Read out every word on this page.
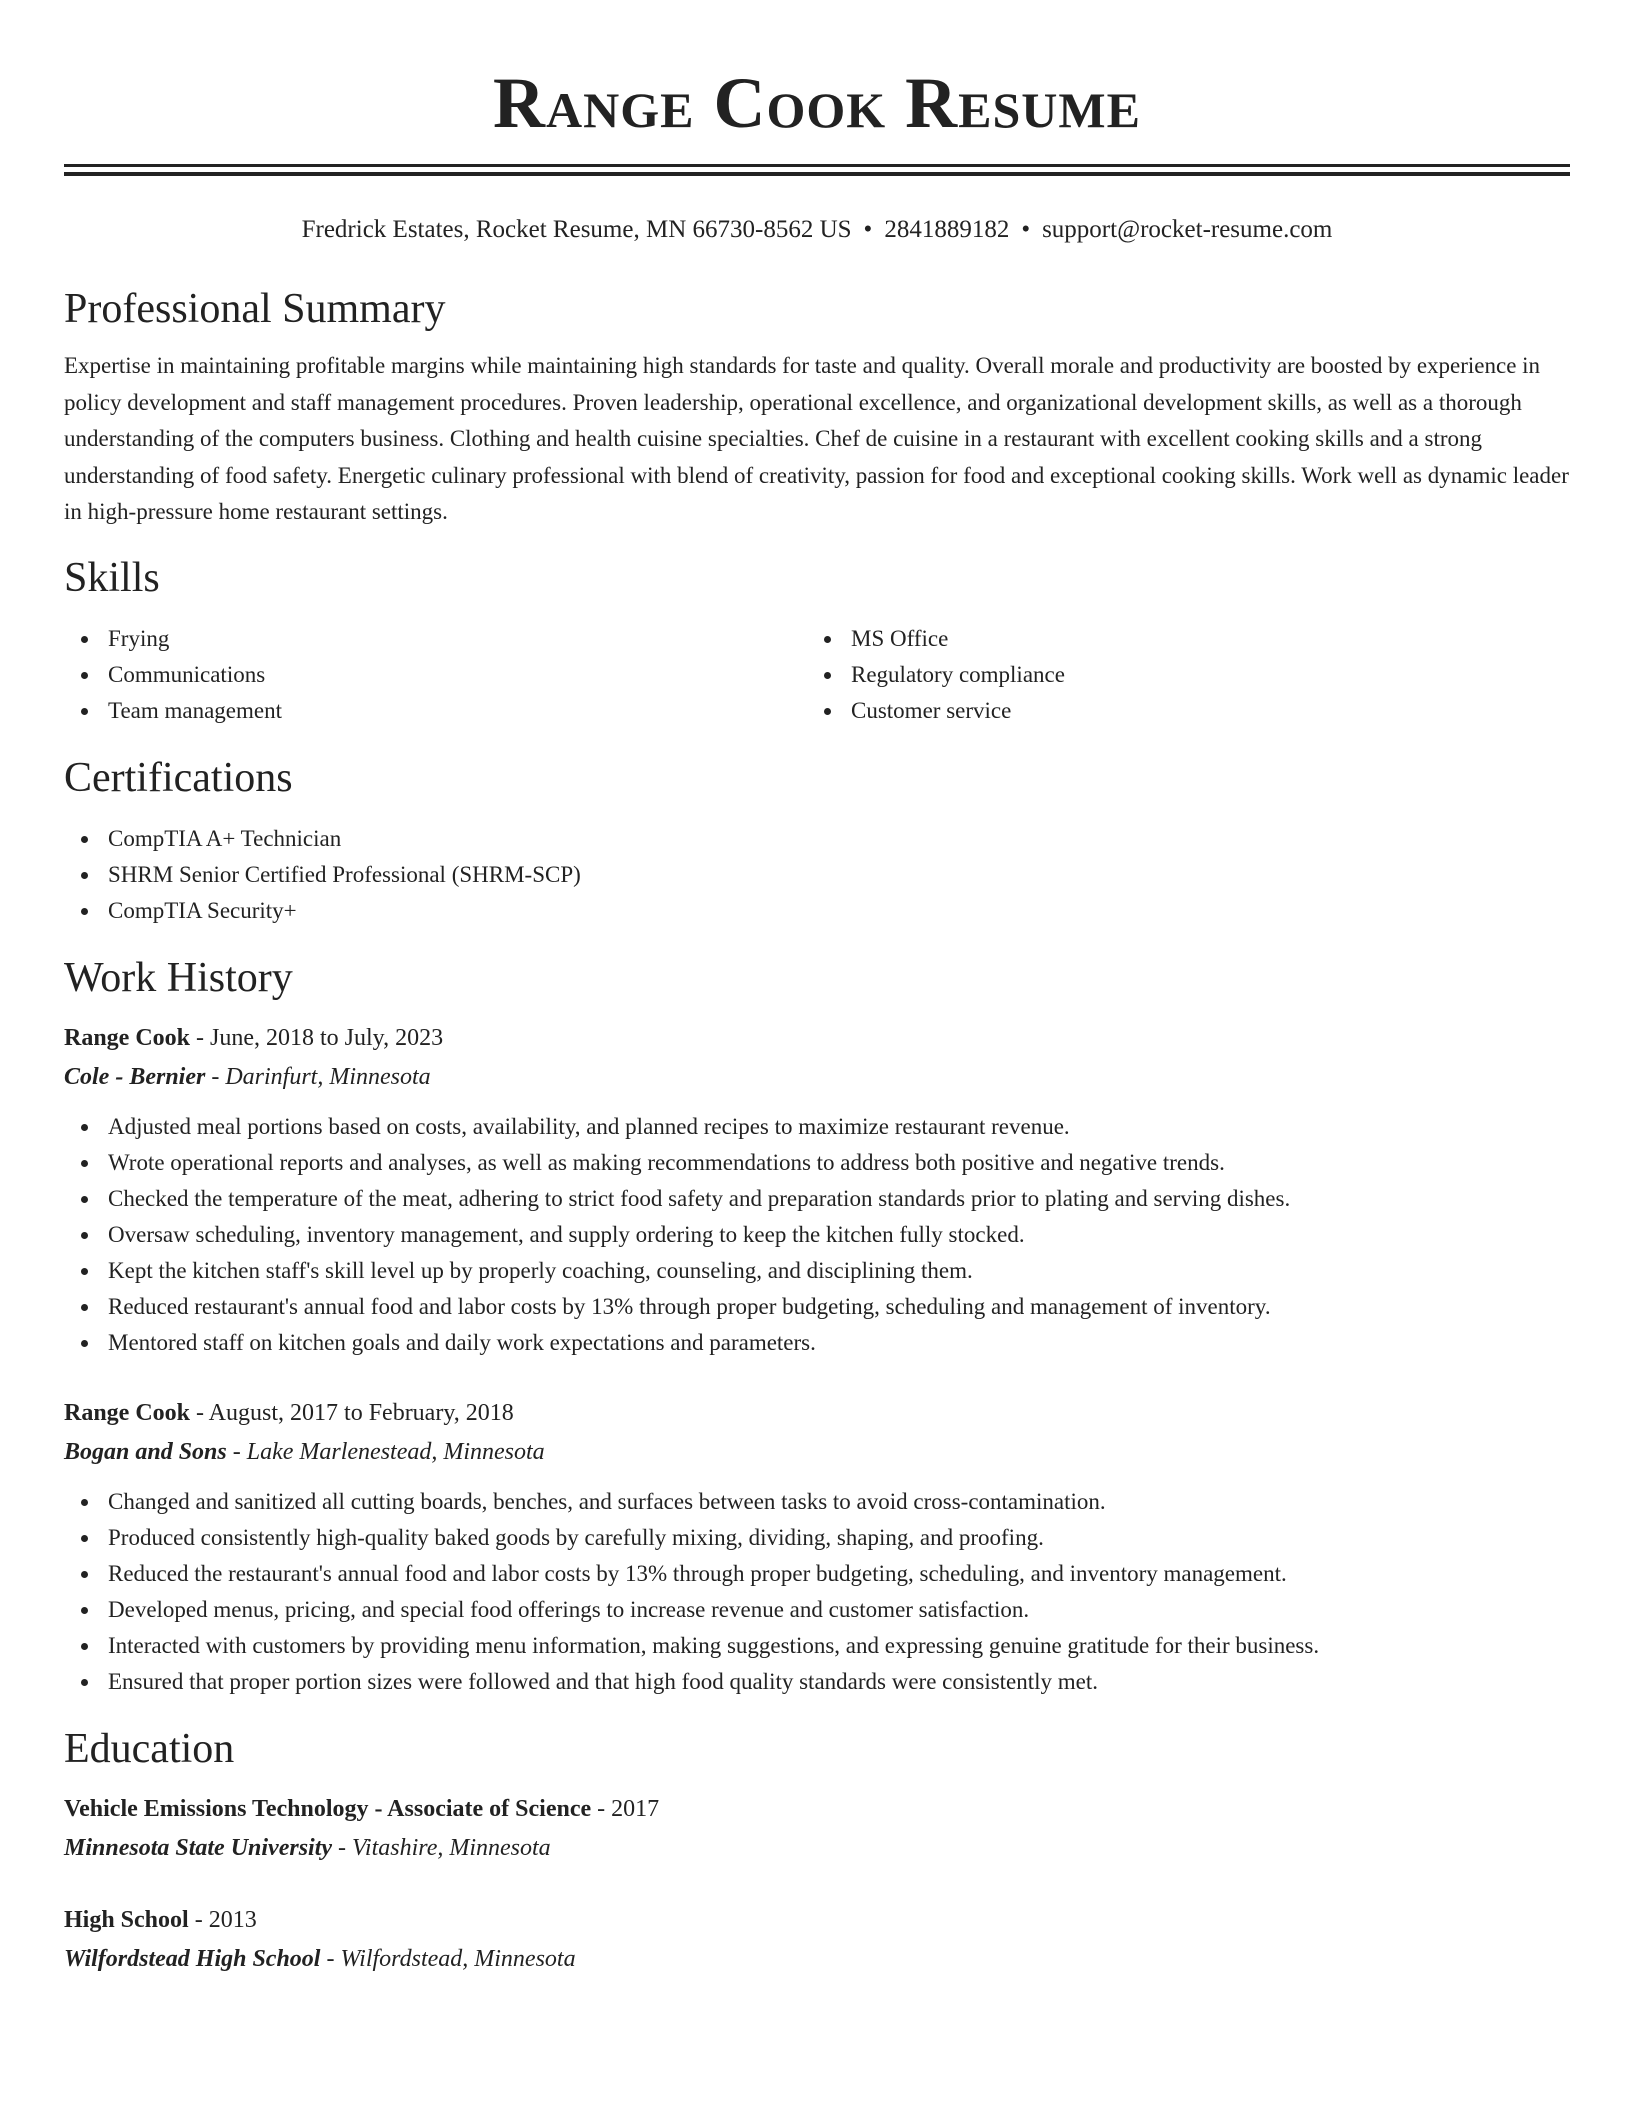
Range Cook Resume
Fredrick Estates, Rocket Resume, MN 66730-8562 US • 2841889182 • support@rocket-resume.com
Professional Summary
Expertise in maintaining profitable margins while maintaining high standards for taste and quality. Overall morale and productivity are boosted by experience in policy development and staff management procedures. Proven leadership, operational excellence, and organizational development skills, as well as a thorough understanding of the computers business. Clothing and health cuisine specialties. Chef de cuisine in a restaurant with excellent cooking skills and a strong understanding of food safety. Energetic culinary professional with blend of creativity, passion for food and exceptional cooking skills. Work well as dynamic leader in high-pressure home restaurant settings.
Skills
Frying
Communications
Team management
MS Office
Regulatory compliance
Customer service
Certifications
CompTIA A+ Technician
SHRM Senior Certified Professional (SHRM-SCP)
CompTIA Security+
Work History
Range Cook - June, 2018 to July, 2023
Cole - Bernier - Darinfurt, Minnesota
Adjusted meal portions based on costs, availability, and planned recipes to maximize restaurant revenue.
Wrote operational reports and analyses, as well as making recommendations to address both positive and negative trends.
Checked the temperature of the meat, adhering to strict food safety and preparation standards prior to plating and serving dishes.
Oversaw scheduling, inventory management, and supply ordering to keep the kitchen fully stocked.
Kept the kitchen staff's skill level up by properly coaching, counseling, and disciplining them.
Reduced restaurant's annual food and labor costs by 13% through proper budgeting, scheduling and management of inventory.
Mentored staff on kitchen goals and daily work expectations and parameters.
Range Cook - August, 2017 to February, 2018
Bogan and Sons - Lake Marlenestead, Minnesota
Changed and sanitized all cutting boards, benches, and surfaces between tasks to avoid cross-contamination.
Produced consistently high-quality baked goods by carefully mixing, dividing, shaping, and proofing.
Reduced the restaurant's annual food and labor costs by 13% through proper budgeting, scheduling, and inventory management.
Developed menus, pricing, and special food offerings to increase revenue and customer satisfaction.
Interacted with customers by providing menu information, making suggestions, and expressing genuine gratitude for their business.
Ensured that proper portion sizes were followed and that high food quality standards were consistently met.
Education
Vehicle Emissions Technology - Associate of Science - 2017
Minnesota State University - Vitashire, Minnesota
High School - 2013
Wilfordstead High School - Wilfordstead, Minnesota
